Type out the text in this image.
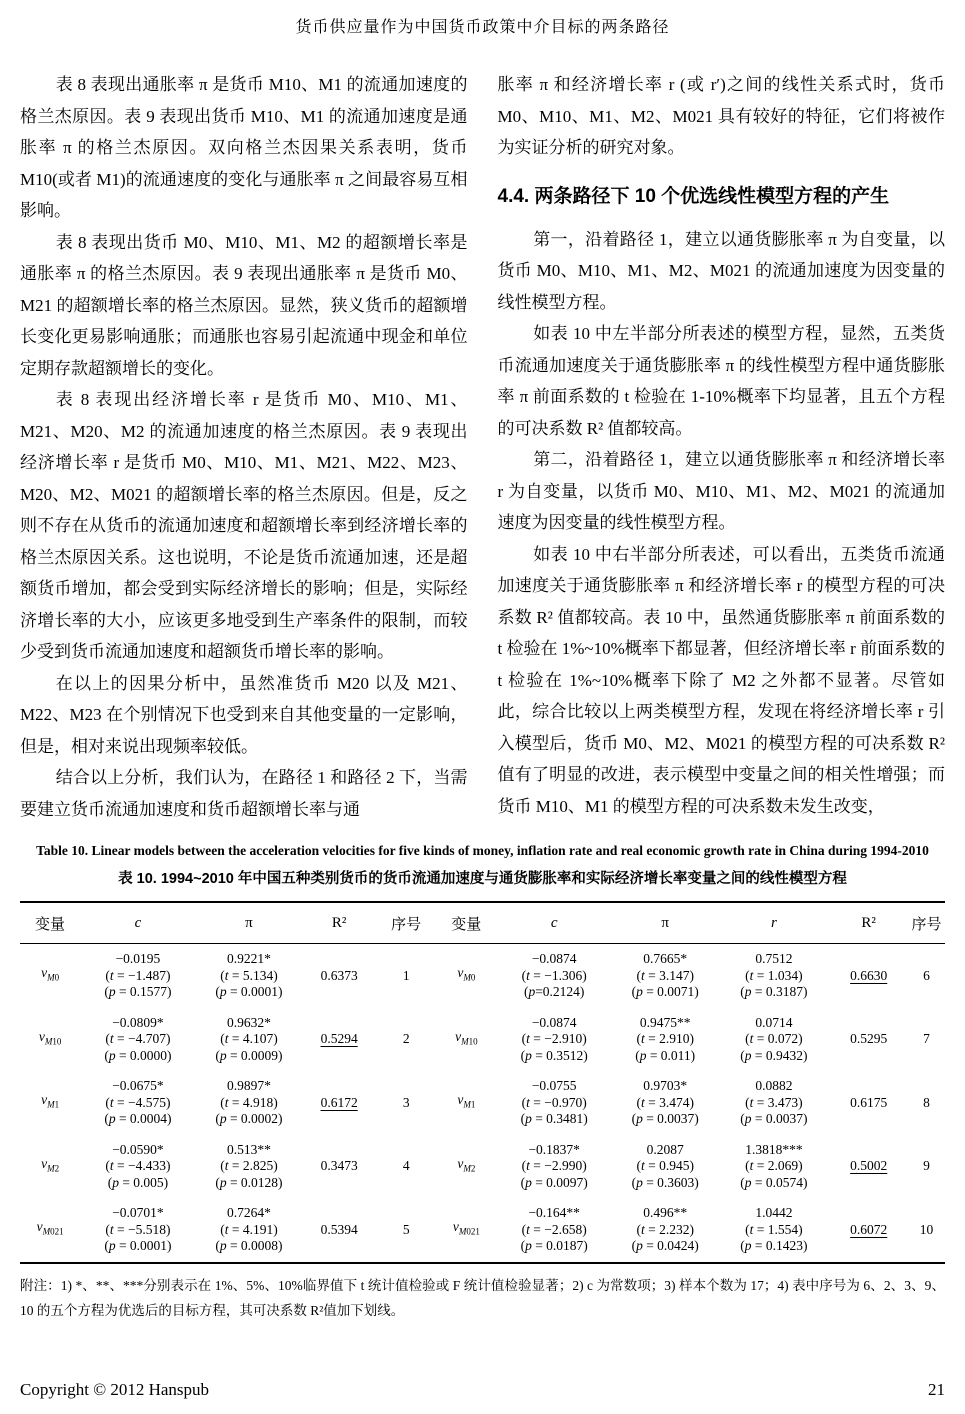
货币供应量作为中国货币政策中介目标的两条路径

表 8 表现出通胀率 π 是货币 M10、M1 的流通加速度的格兰杰原因。表 9 表现出货币 M10、M1 的流通加速度是通胀率 π 的格兰杰原因。双向格兰杰因果关系表明，货币 M10(或者 M1)的流通速度的变化与通胀率 π 之间最容易互相影响。

表 8 表现出货币 M0、M10、M1、M2 的超额增长率是通胀率 π 的格兰杰原因。表 9 表现出通胀率 π 是货币 M0、M21 的超额增长率的格兰杰原因。显然，狭义货币的超额增长变化更易影响通胀；而通胀也容易引起流通中现金和单位定期存款超额增长的变化。

表 8 表现出经济增长率 r 是货币 M0、M10、M1、M21、M20、M2 的流通加速度的格兰杰原因。表 9 表现出经济增长率 r 是货币 M0、M10、M1、M21、M22、M23、M20、M2、M021 的超额增长率的格兰杰原因。但是，反之则不存在从货币的流通加速度和超额增长率到经济增长率的格兰杰原因关系。这也说明，不论是货币流通加速，还是超额货币增加，都会受到实际经济增长的影响；但是，实际经济增长率的大小，应该更多地受到生产率条件的限制，而较少受到货币流通加速度和超额货币增长率的影响。

在以上的因果分析中，虽然准货币 M20 以及 M21、M22、M23 在个别情况下也受到来自其他变量的一定影响，但是，相对来说出现频率较低。

结合以上分析，我们认为，在路径 1 和路径 2 下，当需要建立货币流通加速度和货币超额增长率与通

胀率 π 和经济增长率 r (或 r′)之间的线性关系式时，货币 M0、M10、M1、M2、M021 具有较好的特征，它们将被作为实证分析的研究对象。

4.4. 两条路径下 10 个优选线性模型方程的产生

第一，沿着路径 1，建立以通货膨胀率 π 为自变量，以货币 M0、M10、M1、M2、M021 的流通加速度为因变量的线性模型方程。

如表 10 中左半部分所表述的模型方程，显然，五类货币流通加速度关于通货膨胀率 π 的线性模型方程中通货膨胀率 π 前面系数的 t 检验在 1-10%概率下均显著，且五个方程的可决系数 R² 值都较高。

第二，沿着路径 1，建立以通货膨胀率 π 和经济增长率 r 为自变量，以货币 M0、M10、M1、M2、M021 的流通加速度为因变量的线性模型方程。

如表 10 中右半部分所表述，可以看出，五类货币流通加速度关于通货膨胀率 π 和经济增长率 r 的模型方程的可决系数 R² 值都较高。表 10 中，虽然通货膨胀率 π 前面系数的 t 检验在 1%~10%概率下都显著，但经济增长率 r 前面系数的 t 检验在 1%~10%概率下除了 M2 之外都不显著。尽管如此，综合比较以上两类模型方程，发现在将经济增长率 r 引入模型后，货币 M0、M2、M021 的模型方程的可决系数 R² 值有了明显的改进，表示模型中变量之间的相关性增强；而货币 M10、M1 的模型方程的可决系数未发生改变，

Table 10. Linear models between the acceleration velocities for five kinds of money, inflation rate and real economic growth rate in China during 1994-2010
表 10. 1994~2010 年中国五种类别货币的货币流通加速度与通货膨胀率和实际经济增长率变量之间的线性模型方程
变量	c	π	R²	序号	变量	c	π	r	R²	序号
$v_{M0}$	−0.0195
(t = −1.487)
(p = 0.1577)	0.9221*
(t = 5.134)
(p = 0.0001)	0.6373	1	$v_{M0}$	−0.0874
(t = −1.306)
(p=0.2124)	0.7665*
(t = 3.147)
(p = 0.0071)	0.7512
(t = 1.034)
(p = 0.3187)	0.6630	6
$v_{M10}$	−0.0809*
(t = −4.707)
(p = 0.0000)	0.9632*
(t = 4.107)
(p = 0.0009)	0.5294	2	$v_{M10}$	−0.0874
(t = −2.910)
(p = 0.3512)	0.9475**
(t = 2.910)
(p = 0.011)	0.0714
(t = 0.072)
(p = 0.9432)	0.5295	7
$v_{M1}$	−0.0675*
(t = −4.575)
(p = 0.0004)	0.9897*
(t = 4.918)
(p = 0.0002)	0.6172	3	$v_{M1}$	−0.0755
(t = −0.970)
(p = 0.3481)	0.9703*
(t = 3.474)
(p = 0.0037)	0.0882
(t = 3.473)
(p = 0.0037)	0.6175	8
$v_{M2}$	−0.0590*
(t = −4.433)
(p = 0.005)	0.513**
(t = 2.825)
(p = 0.0128)	0.3473	4	$v_{M2}$	−0.1837*
(t = −2.990)
(p = 0.0097)	0.2087
(t = 0.945)
(p = 0.3603)	1.3818***
(t = 2.069)
(p = 0.0574)	0.5002	9
$v_{M021}$	−0.0701*
(t = −5.518)
(p = 0.0001)	0.7264*
(t = 4.191)
(p = 0.0008)	0.5394	5	$v_{M021}$	−0.164**
(t = −2.658)
(p = 0.0187)	0.496**
(t = 2.232)
(p = 0.0424)	1.0442
(t = 1.554)
(p = 0.1423)	0.6072	10
附注：1) *、**、***分别表示在 1%、5%、10%临界值下 t 统计值检验或 F 统计值检验显著；2) c 为常数项；3) 样本个数为 17；4) 表中序号为 6、2、3、9、10 的五个方程为优选后的目标方程，其可决系数 R²值加下划线。
Copyright © 2012 Hanspub	21
